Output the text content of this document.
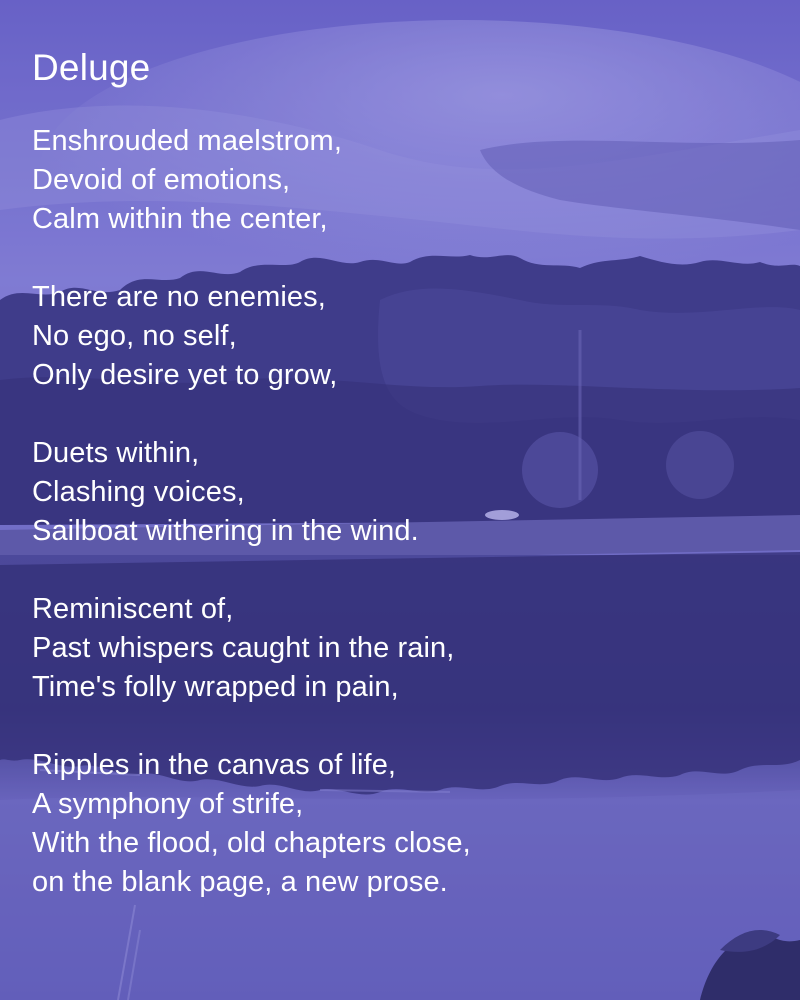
Deluge
Enshrouded maelstrom,
Devoid of emotions,
Calm within the center,
There are no enemies,
No ego, no self,
Only desire yet to grow,
Duets within,
Clashing voices,
Sailboat withering in the wind.
Reminiscent of,
Past whispers caught in the rain,
Time's folly wrapped in pain,
Ripples in the canvas of life,
A symphony of strife,
With the flood, old chapters close,
on the blank page, a new prose.
